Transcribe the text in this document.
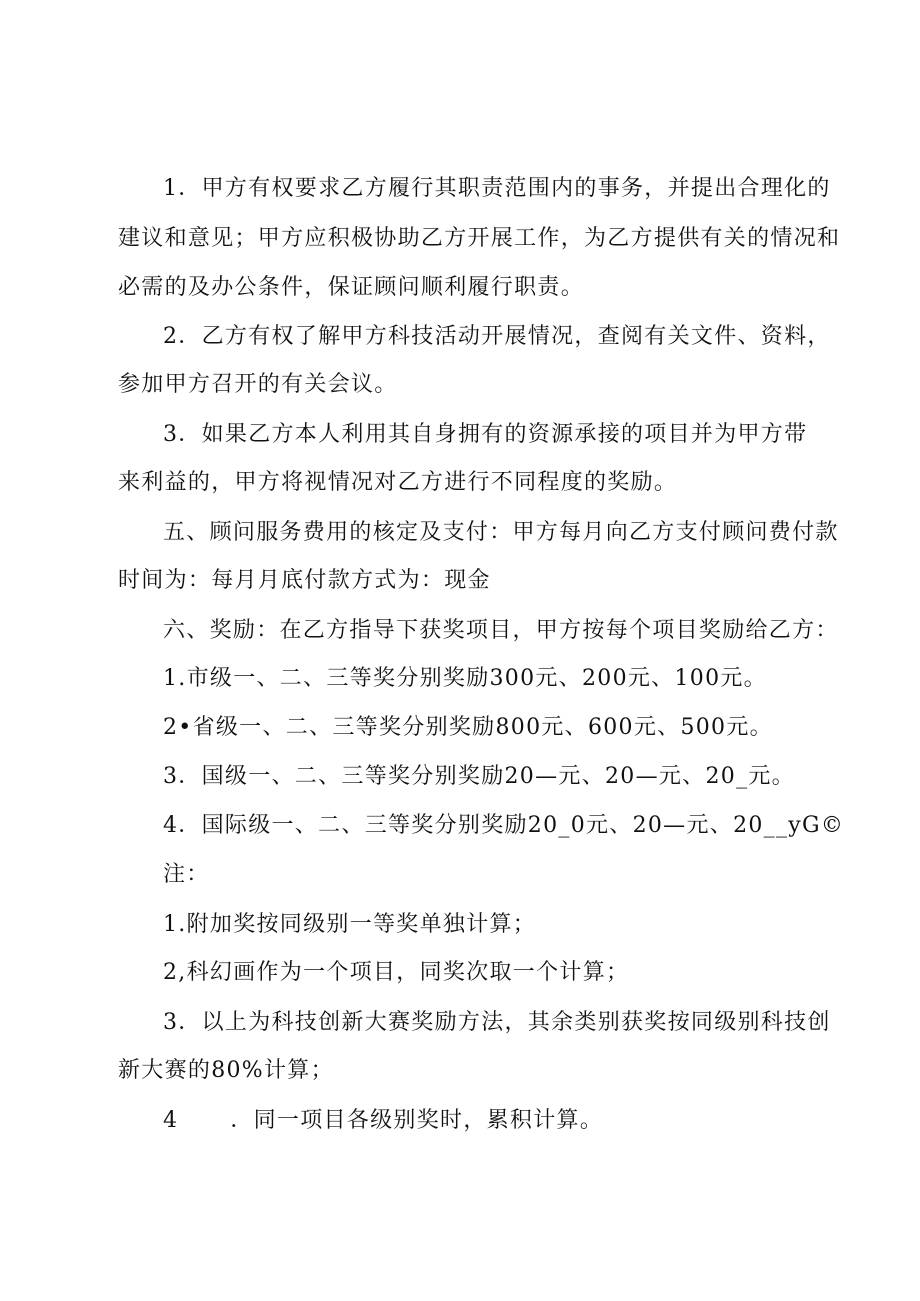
1．甲方有权要求乙方履行其职责范围内的事务，并提出合理化的

建议和意见；甲方应积极协助乙方开展工作，为乙方提供有关的情况和

必需的及办公条件，保证顾问顺利履行职责。

2．乙方有权了解甲方科技活动开展情况，查阅有关文件、资料，

参加甲方召开的有关会议。

3．如果乙方本人利用其自身拥有的资源承接的项目并为甲方带

来利益的，甲方将视情况对乙方进行不同程度的奖励。

五、顾问服务费用的核定及支付：甲方每月向乙方支付顾问费付款

时间为：每月月底付款方式为：现金

六、奖励：在乙方指导下获奖项目，甲方按每个项目奖励给乙方：

1.市级一、二、三等奖分别奖励300元、200元、100元。

2•省级一、二、三等奖分别奖励800元、600元、500元。

3．国级一、二、三等奖分别奖励20—元、20—元、20_元。

4．国际级一、二、三等奖分别奖励20_0元、20—元、20__yG©

注：

1.附加奖按同级别一等奖单独计算；

2,科幻画作为一个项目，同奖次取一个计算；

3．以上为科技创新大赛奖励方法，其余类别获奖按同级别科技创

新大赛的80%计算；

4 ．同一项目各级别奖时，累积计算。
